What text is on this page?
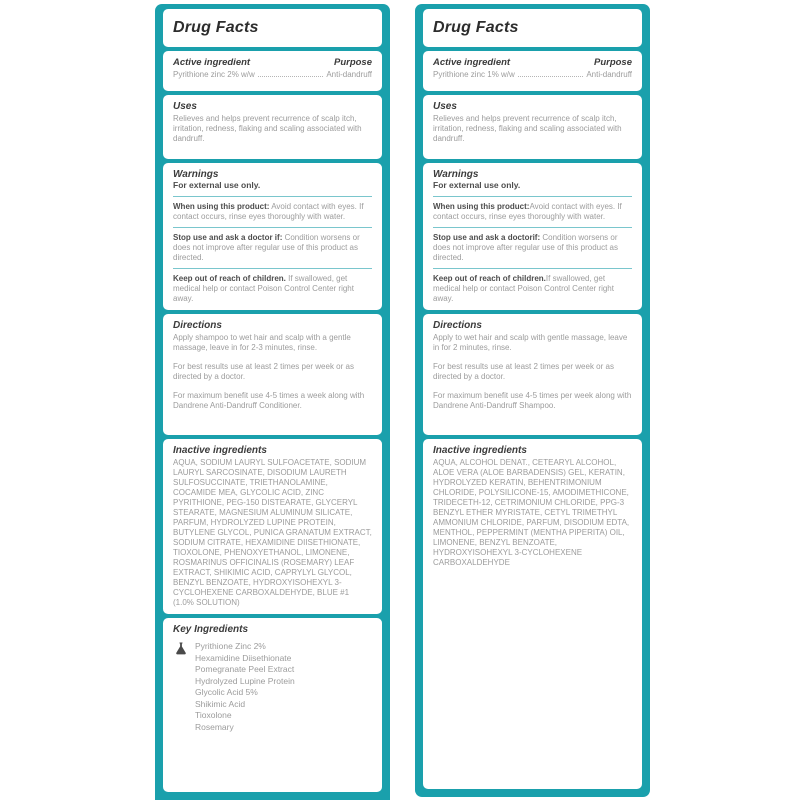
Drug Facts
Active ingredient	Purpose
Pyrithione zinc 2% w/w	Anti-dandruff
Uses
Relieves and helps prevent recurrence of scalp itch, irritation, redness, flaking and scaling associated with dandruff.
Warnings
For external use only.
When using this product: Avoid contact with eyes. If contact occurs, rinse eyes thoroughly with water.
Stop use and ask a doctor if: Condition worsens or does not improve after regular use of this product as directed.
Keep out of reach of children. If swallowed, get medical help or contact Poison Control Center right away.
Directions

Apply shampoo to wet hair and scalp with a gentle massage, leave in for 2-3 minutes, rinse.

For best results use at least 2 times per week or as directed by a doctor.

For maximum benefit use 4-5 times a week along with Dandrene Anti-Dandruff Conditioner.

Inactive ingredients
AQUA, SODIUM LAURYL SULFOACETATE, SODIUM LAURYL SARCOSINATE, DISODIUM LAURETH SULFOSUCCINATE, TRIETHANOLAMINE, COCAMIDE MEA, GLYCOLIC ACID, ZINC PYRITHIONE, PEG-150 DISTEARATE, GLYCERYL STEARATE, MAGNESIUM ALUMINUM SILICATE, PARFUM, HYDROLYZED LUPINE PROTEIN, BUTYLENE GLYCOL, PUNICA GRANATUM EXTRACT, SODIUM CITRATE, HEXAMIDINE DIISETHIONATE, TIOXOLONE, PHENOXYETHANOL, LIMONENE, ROSMARINUS OFFICINALIS (ROSEMARY) LEAF EXTRACT, SHIKIMIC ACID, CAPRYLYL GLYCOL, BENZYL BENZOATE, HYDROXYISOHEXYL 3-CYCLOHEXENE CARBOXALDEHYDE, BLUE #1 (1.0% SOLUTION)
Key Ingredients
Pyrithione Zinc 2%
Hexamidine Diisethionate
Pomegranate Peel Extract
Hydrolyzed Lupine Protein
Glycolic Acid 5%
Shikimic Acid
Tioxolone
Rosemary
Drug Facts
Active ingredient	Purpose
Pyrithione zinc 1% w/w	Anti-dandruff
Uses
Relieves and helps prevent recurrence of scalp itch, irritation, redness, flaking and scaling associated with dandruff.
Warnings
For external use only.
When using this product:Avoid contact with eyes. If contact occurs, rinse eyes thoroughly with water.
Stop use and ask a doctorif: Condition worsens or does not improve after regular use of this product as directed.
Keep out of reach of children.If swallowed, get medical help or contact Poison Control Center right away.
Directions

Apply to wet hair and scalp with gentle massage, leave in for 2 minutes, rinse.

For best results use at least 2 times per week or as directed by a doctor.

For maximum benefit use 4-5 times per week along with Dandrene Anti-Dandruff Shampoo.

Inactive ingredients
AQUA, ALCOHOL DENAT., CETEARYL ALCOHOL, ALOE VERA (ALOE BARBADENSIS) GEL, KERATIN, HYDROLYZED KERATIN, BEHENTRIMONIUM CHLORIDE, POLYSILICONE-15, AMODIMETHICONE, TRIDECETH-12, CETRIMONIUM CHLORIDE, PPG-3 BENZYL ETHER MYRISTATE, CETYL TRIMETHYL AMMONIUM CHLORIDE, PARFUM, DISODIUM EDTA, MENTHOL, PEPPERMINT (MENTHA PIPERITA) OIL, LIMONENE, BENZYL BENZOATE, HYDROXYISOHEXYL 3-CYCLOHEXENE CARBOXALDEHYDE
